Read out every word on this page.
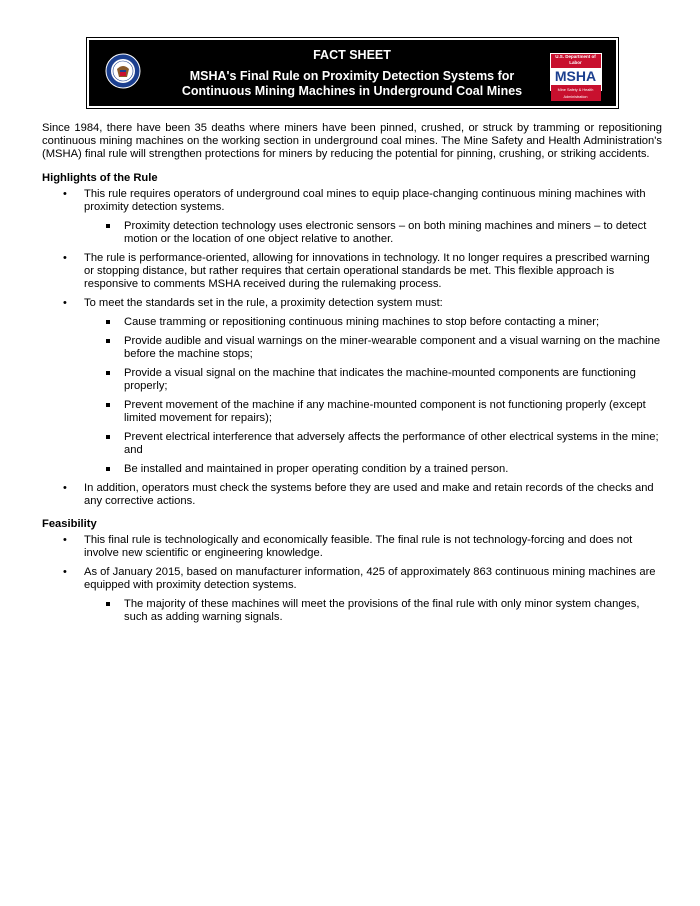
FACT SHEET
MSHA's Final Rule on Proximity Detection Systems for Continuous Mining Machines in Underground Coal Mines
U.S. Department of Labor
MSHA
Mine Safety & Health Administration

Since 1984, there have been 35 deaths where miners have been pinned, crushed, or struck by tramming or repositioning continuous mining machines on the working section in underground coal mines. The Mine Safety and Health Administration's (MSHA) final rule will strengthen protections for miners by reducing the potential for pinning, crushing, or striking accidents.

Highlights of the Rule
• This rule requires operators of underground coal mines to equip place-changing continuous mining machines with proximity detection systems.
Proximity detection technology uses electronic sensors – on both mining machines and miners – to detect motion or the location of one object relative to another.
• The rule is performance-oriented, allowing for innovations in technology. It no longer requires a prescribed warning or stopping distance, but rather requires that certain operational standards be met. This flexible approach is responsive to comments MSHA received during the rulemaking process.
• To meet the standards set in the rule, a proximity detection system must:
Cause tramming or repositioning continuous mining machines to stop before contacting a miner;
Provide audible and visual warnings on the miner-wearable component and a visual warning on the machine before the machine stops;
Provide a visual signal on the machine that indicates the machine-mounted components are functioning properly;
Prevent movement of the machine if any machine-mounted component is not functioning properly (except limited movement for repairs);
Prevent electrical interference that adversely affects the performance of other electrical systems in the mine; and
Be installed and maintained in proper operating condition by a trained person.
• In addition, operators must check the systems before they are used and make and retain records of the checks and any corrective actions.
Feasibility
• This final rule is technologically and economically feasible. The final rule is not technology-forcing and does not involve new scientific or engineering knowledge.
• As of January 2015, based on manufacturer information, 425 of approximately 863 continuous mining machines are equipped with proximity detection systems.
The majority of these machines will meet the provisions of the final rule with only minor system changes, such as adding warning signals.
